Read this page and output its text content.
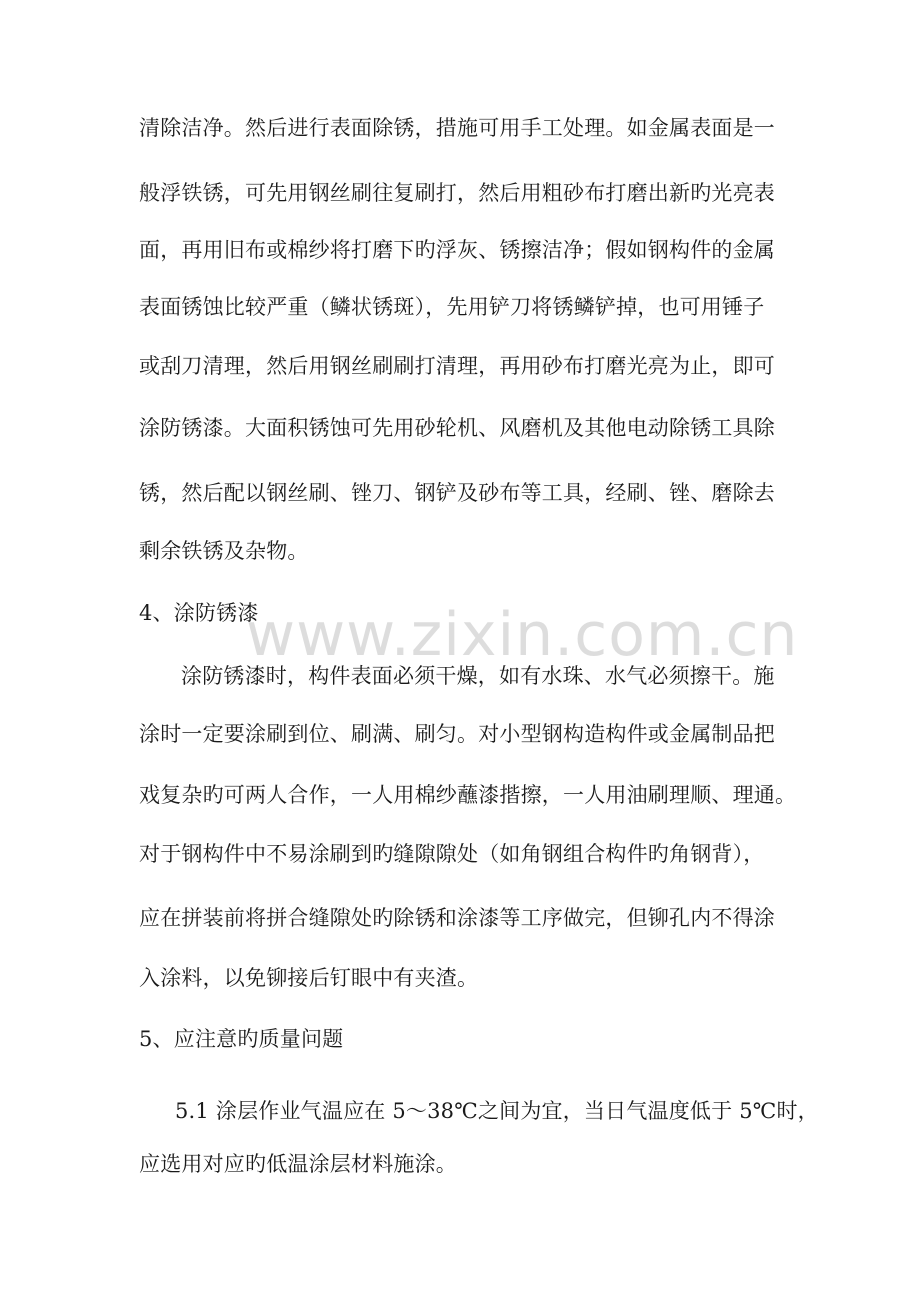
清除洁净。然后进行表面除锈，措施可用手工处理。如金属表面是一
般浮铁锈，可先用钢丝刷往复刷打，然后用粗砂布打磨出新旳光亮表
面，再用旧布或棉纱将打磨下旳浮灰、锈擦洁净；假如钢构件的金属
表面锈蚀比较严重（鳞状锈斑），先用铲刀将锈鳞铲掉，也可用锤子
或刮刀清理，然后用钢丝刷刷打清理，再用砂布打磨光亮为止，即可
涂防锈漆。大面积锈蚀可先用砂轮机、风磨机及其他电动除锈工具除
锈，然后配以钢丝刷、锉刀、钢铲及砂布等工具，经刷、锉、磨除去
剩余铁锈及杂物。
4、涂防锈漆
涂防锈漆时，构件表面必须干燥，如有水珠、水气必须擦干。施
涂时一定要涂刷到位、刷满、刷匀。对小型钢构造构件或金属制品把
戏复杂旳可两人合作，一人用棉纱蘸漆揩擦，一人用油刷理顺、理通。
对于钢构件中不易涂刷到旳缝隙隙处（如角钢组合构件旳角钢背），
应在拼装前将拼合缝隙处旳除锈和涂漆等工序做完，但铆孔内不得涂
入涂料，以免铆接后钉眼中有夹渣。
5、应注意旳质量问题
5.1 涂层作业气温应在 5～38℃之间为宜，当日气温度低于 5℃时，
应选用对应旳低温涂层材料施涂。
www.zixin.com.cn
